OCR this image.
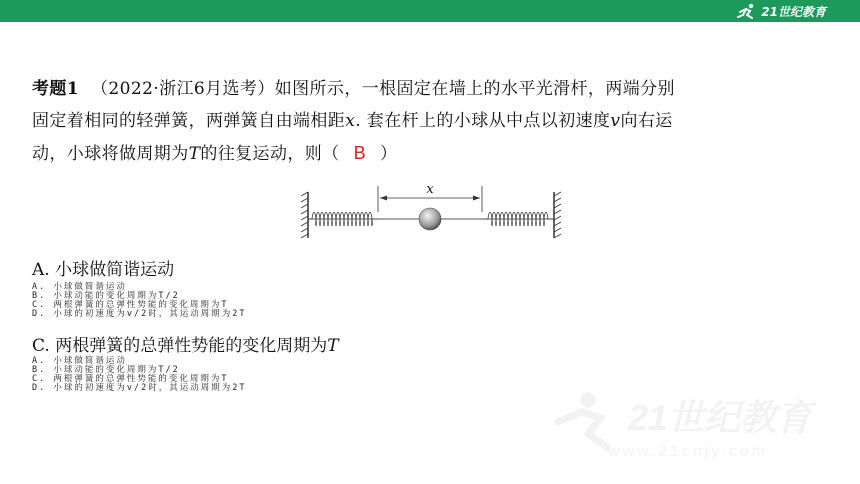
21世纪教育
考题1 （2022·浙江6月选考）如图所示，一根固定在墙上的水平光滑杆，两端分别
固定着相同的轻弹簧，两弹簧自由端相距x. 套在杆上的小球从中点以初速度v向右运
动，小球将做周期为T的往复运动，则（ B ）
x
A. 小球做简谐运动
A. 小球做简谐运动
B. 小球动能的变化周期为T/2
C. 两根弹簧的总弹性势能的变化周期为T
D. 小球的初速度为v/2时，其运动周期为2T
C. 两根弹簧的总弹性势能的变化周期为T
A. 小球做简谐运动
B. 小球动能的变化周期为T/2
C. 两根弹簧的总弹性势能的变化周期为T
D. 小球的初速度为v/2时，其运动周期为2T
21世纪教育
www.21cnjy.com
